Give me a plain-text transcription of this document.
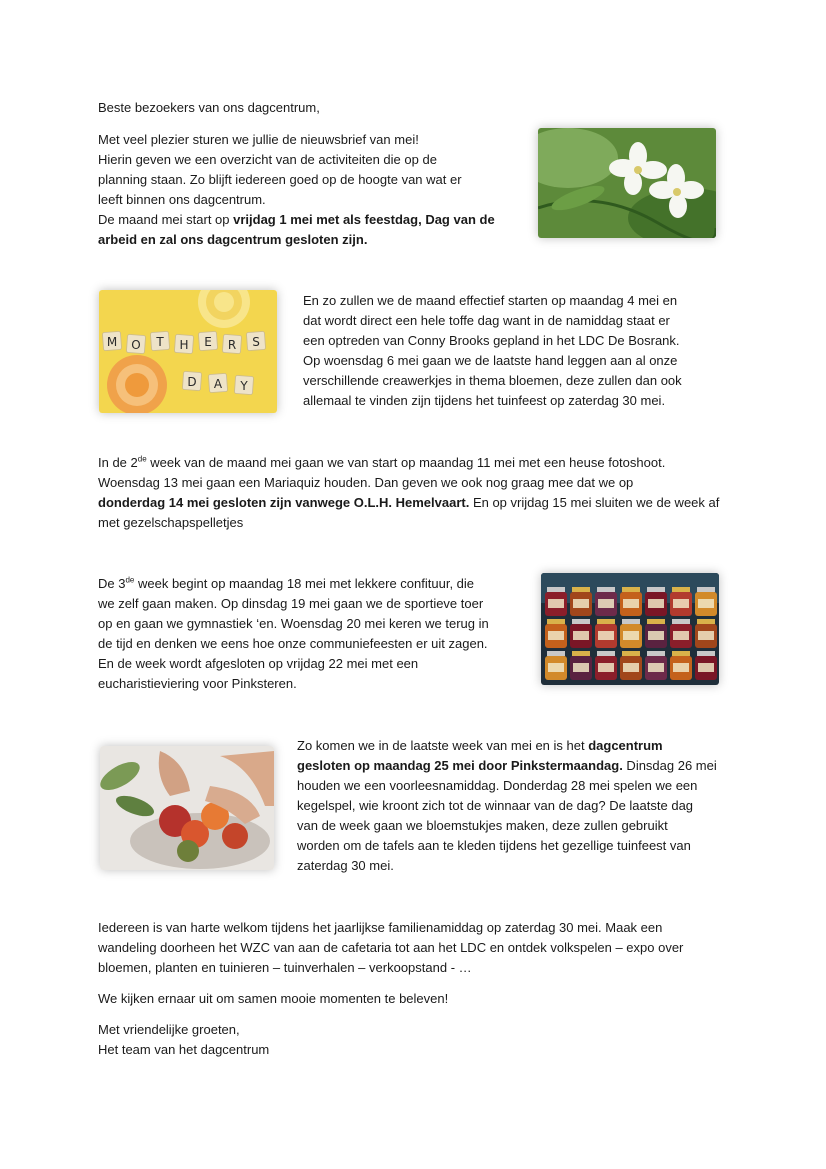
Beste bezoekers van ons dagcentrum,

Met veel plezier sturen we jullie de nieuwsbrief van mei!

Hierin geven we een overzicht van de activiteiten die op de

planning staan. Zo blijft iedereen goed op de hoogte van wat er

leeft binnen ons dagcentrum.

De maand mei start op vrijdag 1 mei met als feestdag, Dag van de

arbeid en zal ons dagcentrum gesloten zijn.

M O T H E R S
D A Y

En zo zullen we de maand effectief starten op maandag 4 mei en

dat wordt direct een hele toffe dag want in de namiddag staat er

een optreden van Conny Brooks gepland in het LDC De Bosrank.

Op woensdag 6 mei gaan we de laatste hand leggen aan al onze

verschillende creawerkjes in thema bloemen, deze zullen dan ook

allemaal te vinden zijn tijdens het tuinfeest op zaterdag 30 mei.

In de 2de week van de maand mei gaan we van start op maandag 11 mei met een heuse fotoshoot.

Woensdag 13 mei gaan een Mariaquiz houden. Dan geven we ook nog graag mee dat we op

donderdag 14 mei gesloten zijn vanwege O.L.H. Hemelvaart. En op vrijdag 15 mei sluiten we de week af

met gezelschapspelletjes

De 3de week begint op maandag 18 mei met lekkere confituur, die

we zelf gaan maken. Op dinsdag 19 mei gaan we de sportieve toer

op en gaan we gymnastiek ‘en. Woensdag 20 mei keren we terug in

de tijd en denken we eens hoe onze communiefeesten er uit zagen.

En de week wordt afgesloten op vrijdag 22 mei met een

eucharistieviering voor Pinksteren.

Zo komen we in de laatste week van mei en is het dagcentrum

gesloten op maandag 25 mei door Pinkstermaandag. Dinsdag 26 mei

houden we een voorleesnamiddag. Donderdag 28 mei spelen we een

kegelspel, wie kroont zich tot de winnaar van de dag? De laatste dag

van de week gaan we bloemstukjes maken, deze zullen gebruikt

worden om de tafels aan te kleden tijdens het gezellige tuinfeest van

zaterdag 30 mei.

Iedereen is van harte welkom tijdens het jaarlijkse familienamiddag op zaterdag 30 mei. Maak een

wandeling doorheen het WZC van aan de cafetaria tot aan het LDC en ontdek volkspelen – expo over

bloemen, planten en tuinieren – tuinverhalen – verkoopstand - …

We kijken ernaar uit om samen mooie momenten te beleven!

Met vriendelijke groeten,

Het team van het dagcentrum
